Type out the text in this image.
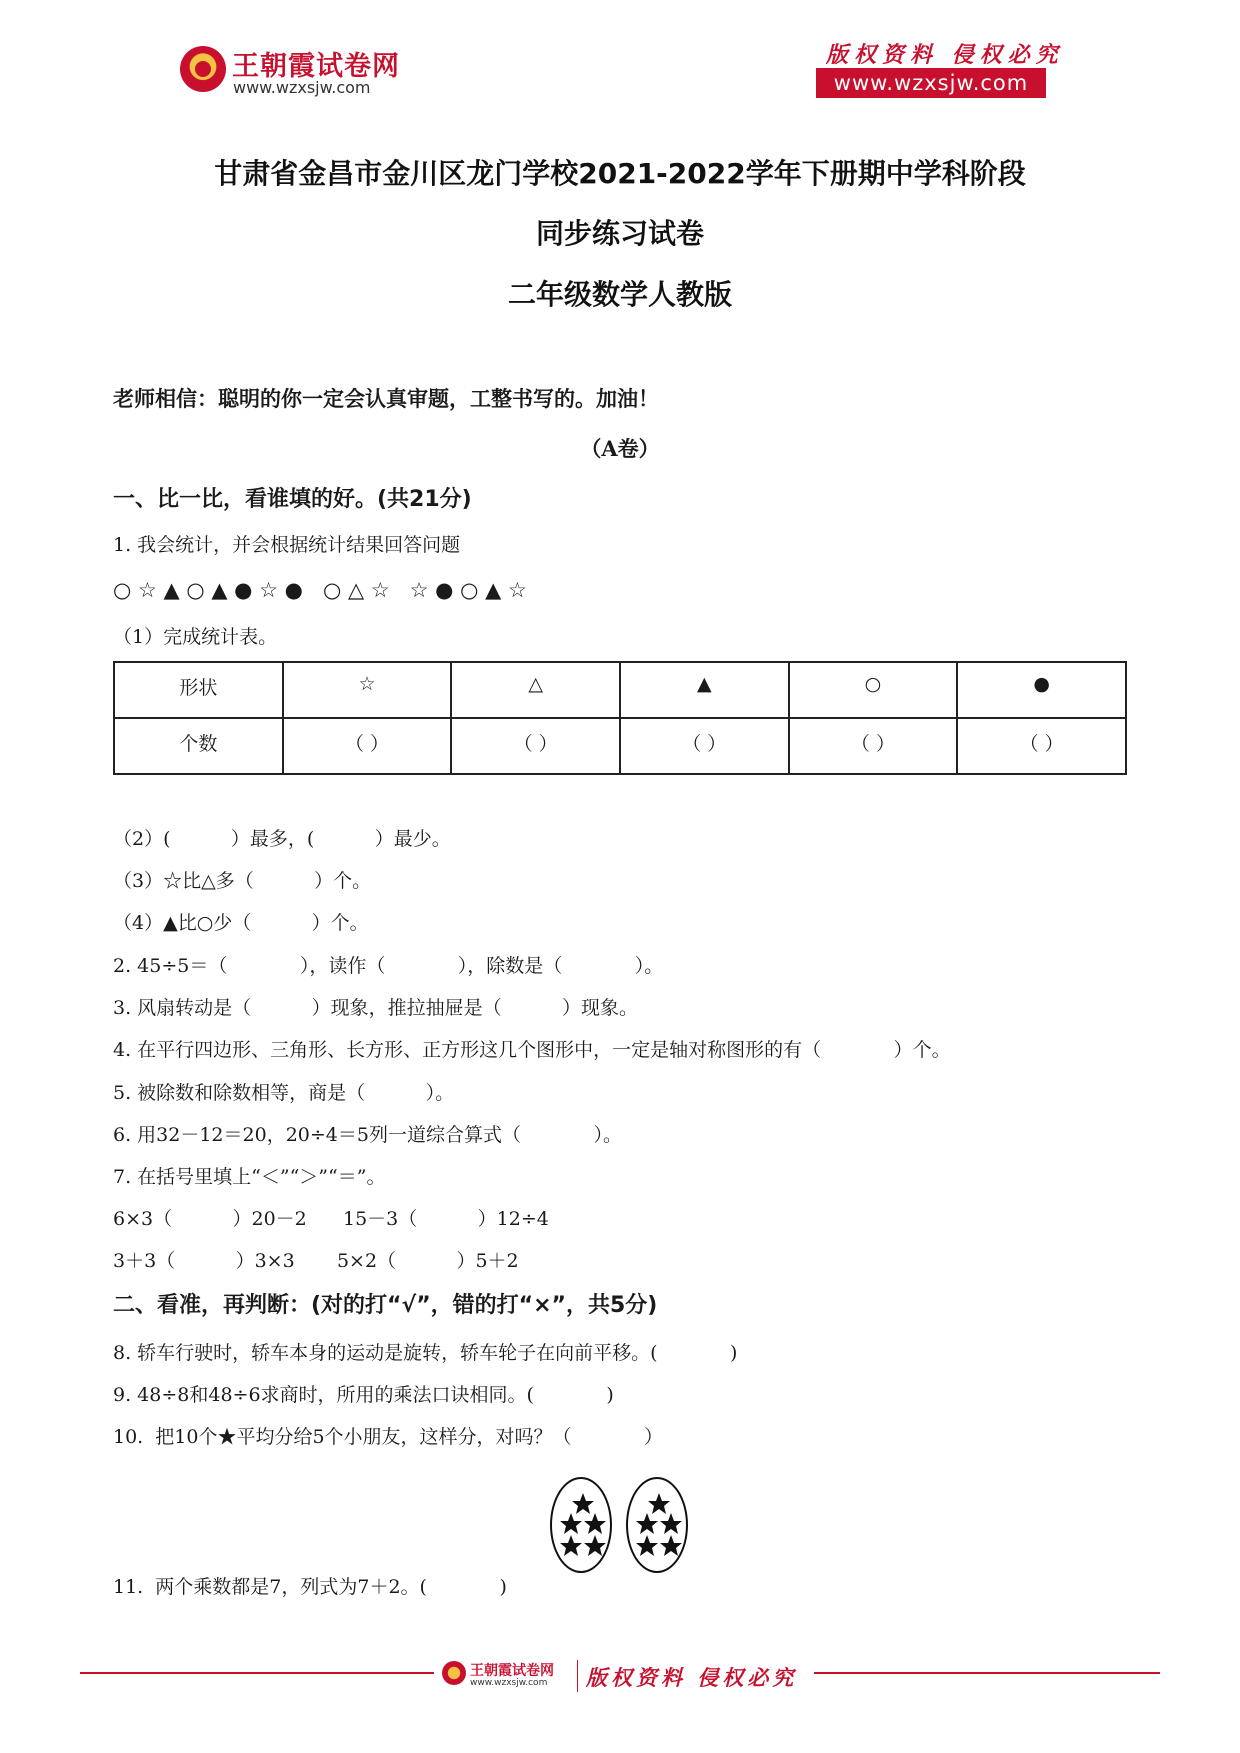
王朝霞试卷网
www.wzxsjw.com
版权资料 侵权必究
www.wzxsjw.com
甘肃省金昌市金川区龙门学校2021-2022学年下册期中学科阶段
同步练习试卷
二年级数学人教版
老师相信：聪明的你一定会认真审题，工整书写的。加油！
（A卷）
一、比一比，看谁填的好。(共21分)
1. 我会统计，并会根据统计结果回答问题
○ ☆ ▲ ○ ▲ ● ☆ ●   ○ △ ☆   ☆ ● ○ ▲ ☆
（1）完成统计表。
形状	☆	△	▲	○	●
个数	（ ）	（ ）	（ ）	（ ）	（ ）
（2）(          ）最多，(          ）最少。
（3）☆比△多（          ）个。
（4）▲比○少（          ）个。
2. 45÷5＝（            ），读作（            ），除数是（            ）。
3. 风扇转动是（          ）现象，推拉抽屉是（          ）现象。
4. 在平行四边形、三角形、长方形、正方形这几个图形中，一定是轴对称图形的有（            ）个。
5. 被除数和除数相等，商是（          ）。
6. 用32－12＝20，20÷4＝5列一道综合算式（            ）。
7. 在括号里填上“＜”“＞”“＝”。
6×3（          ）20－2      15－3（          ）12÷4
3＋3（          ）3×3       5×2（          ）5＋2
二、看准，再判断：(对的打“√”，错的打“×”，共5分)
8. 轿车行驶时，轿车本身的运动是旋转，轿车轮子在向前平移。(            )
9. 48÷8和48÷6求商时，所用的乘法口诀相同。(            )
10.  把10个★平均分给5个小朋友，这样分，对吗？（            ）
11.  两个乘数都是7，列式为7＋2。(            )
王朝霞试卷网
www.wzxsjw.com 版权资料 侵权必究
